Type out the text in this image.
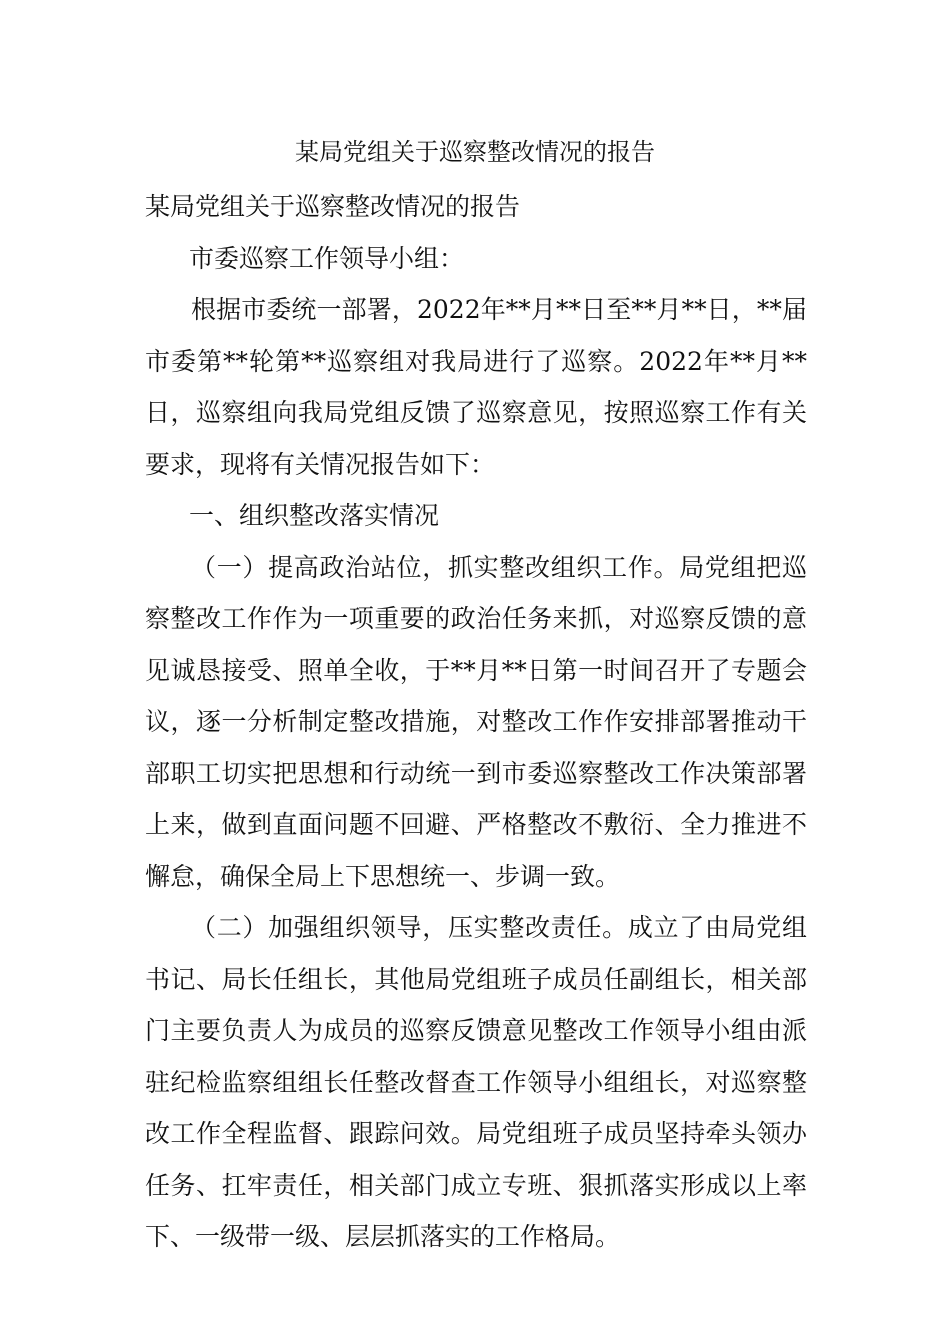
某局党组关于巡察整改情况的报告

某局党组关于巡察整改情况的报告

市委巡察工作领导小组：

根据市委统一部署，2022年**月**日至**月**日，**届市委第**轮第**巡察组对我局进行了巡察。2022年**月**日，巡察组向我局党组反馈了巡察意见，按照巡察工作有关要求，现将有关情况报告如下：

一、组织整改落实情况

（一）提高政治站位，抓实整改组织工作。局党组把巡察整改工作作为一项重要的政治任务来抓，对巡察反馈的意见诚恳接受、照单全收，于**月**日第一时间召开了专题会议，逐一分析制定整改措施，对整改工作作安排部署推动干部职工切实把思想和行动统一到市委巡察整改工作决策部署上来，做到直面问题不回避、严格整改不敷衍、全力推进不懈怠，确保全局上下思想统一、步调一致。

（二）加强组织领导，压实整改责任。成立了由局党组书记、局长任组长，其他局党组班子成员任副组长，相关部门主要负责人为成员的巡察反馈意见整改工作领导小组由派驻纪检监察组组长任整改督查工作领导小组组长，对巡察整改工作全程监督、跟踪问效。局党组班子成员坚持牵头领办任务、扛牢责任，相关部门成立专班、狠抓落实形成以上率下、一级带一级、层层抓落实的工作格局。
